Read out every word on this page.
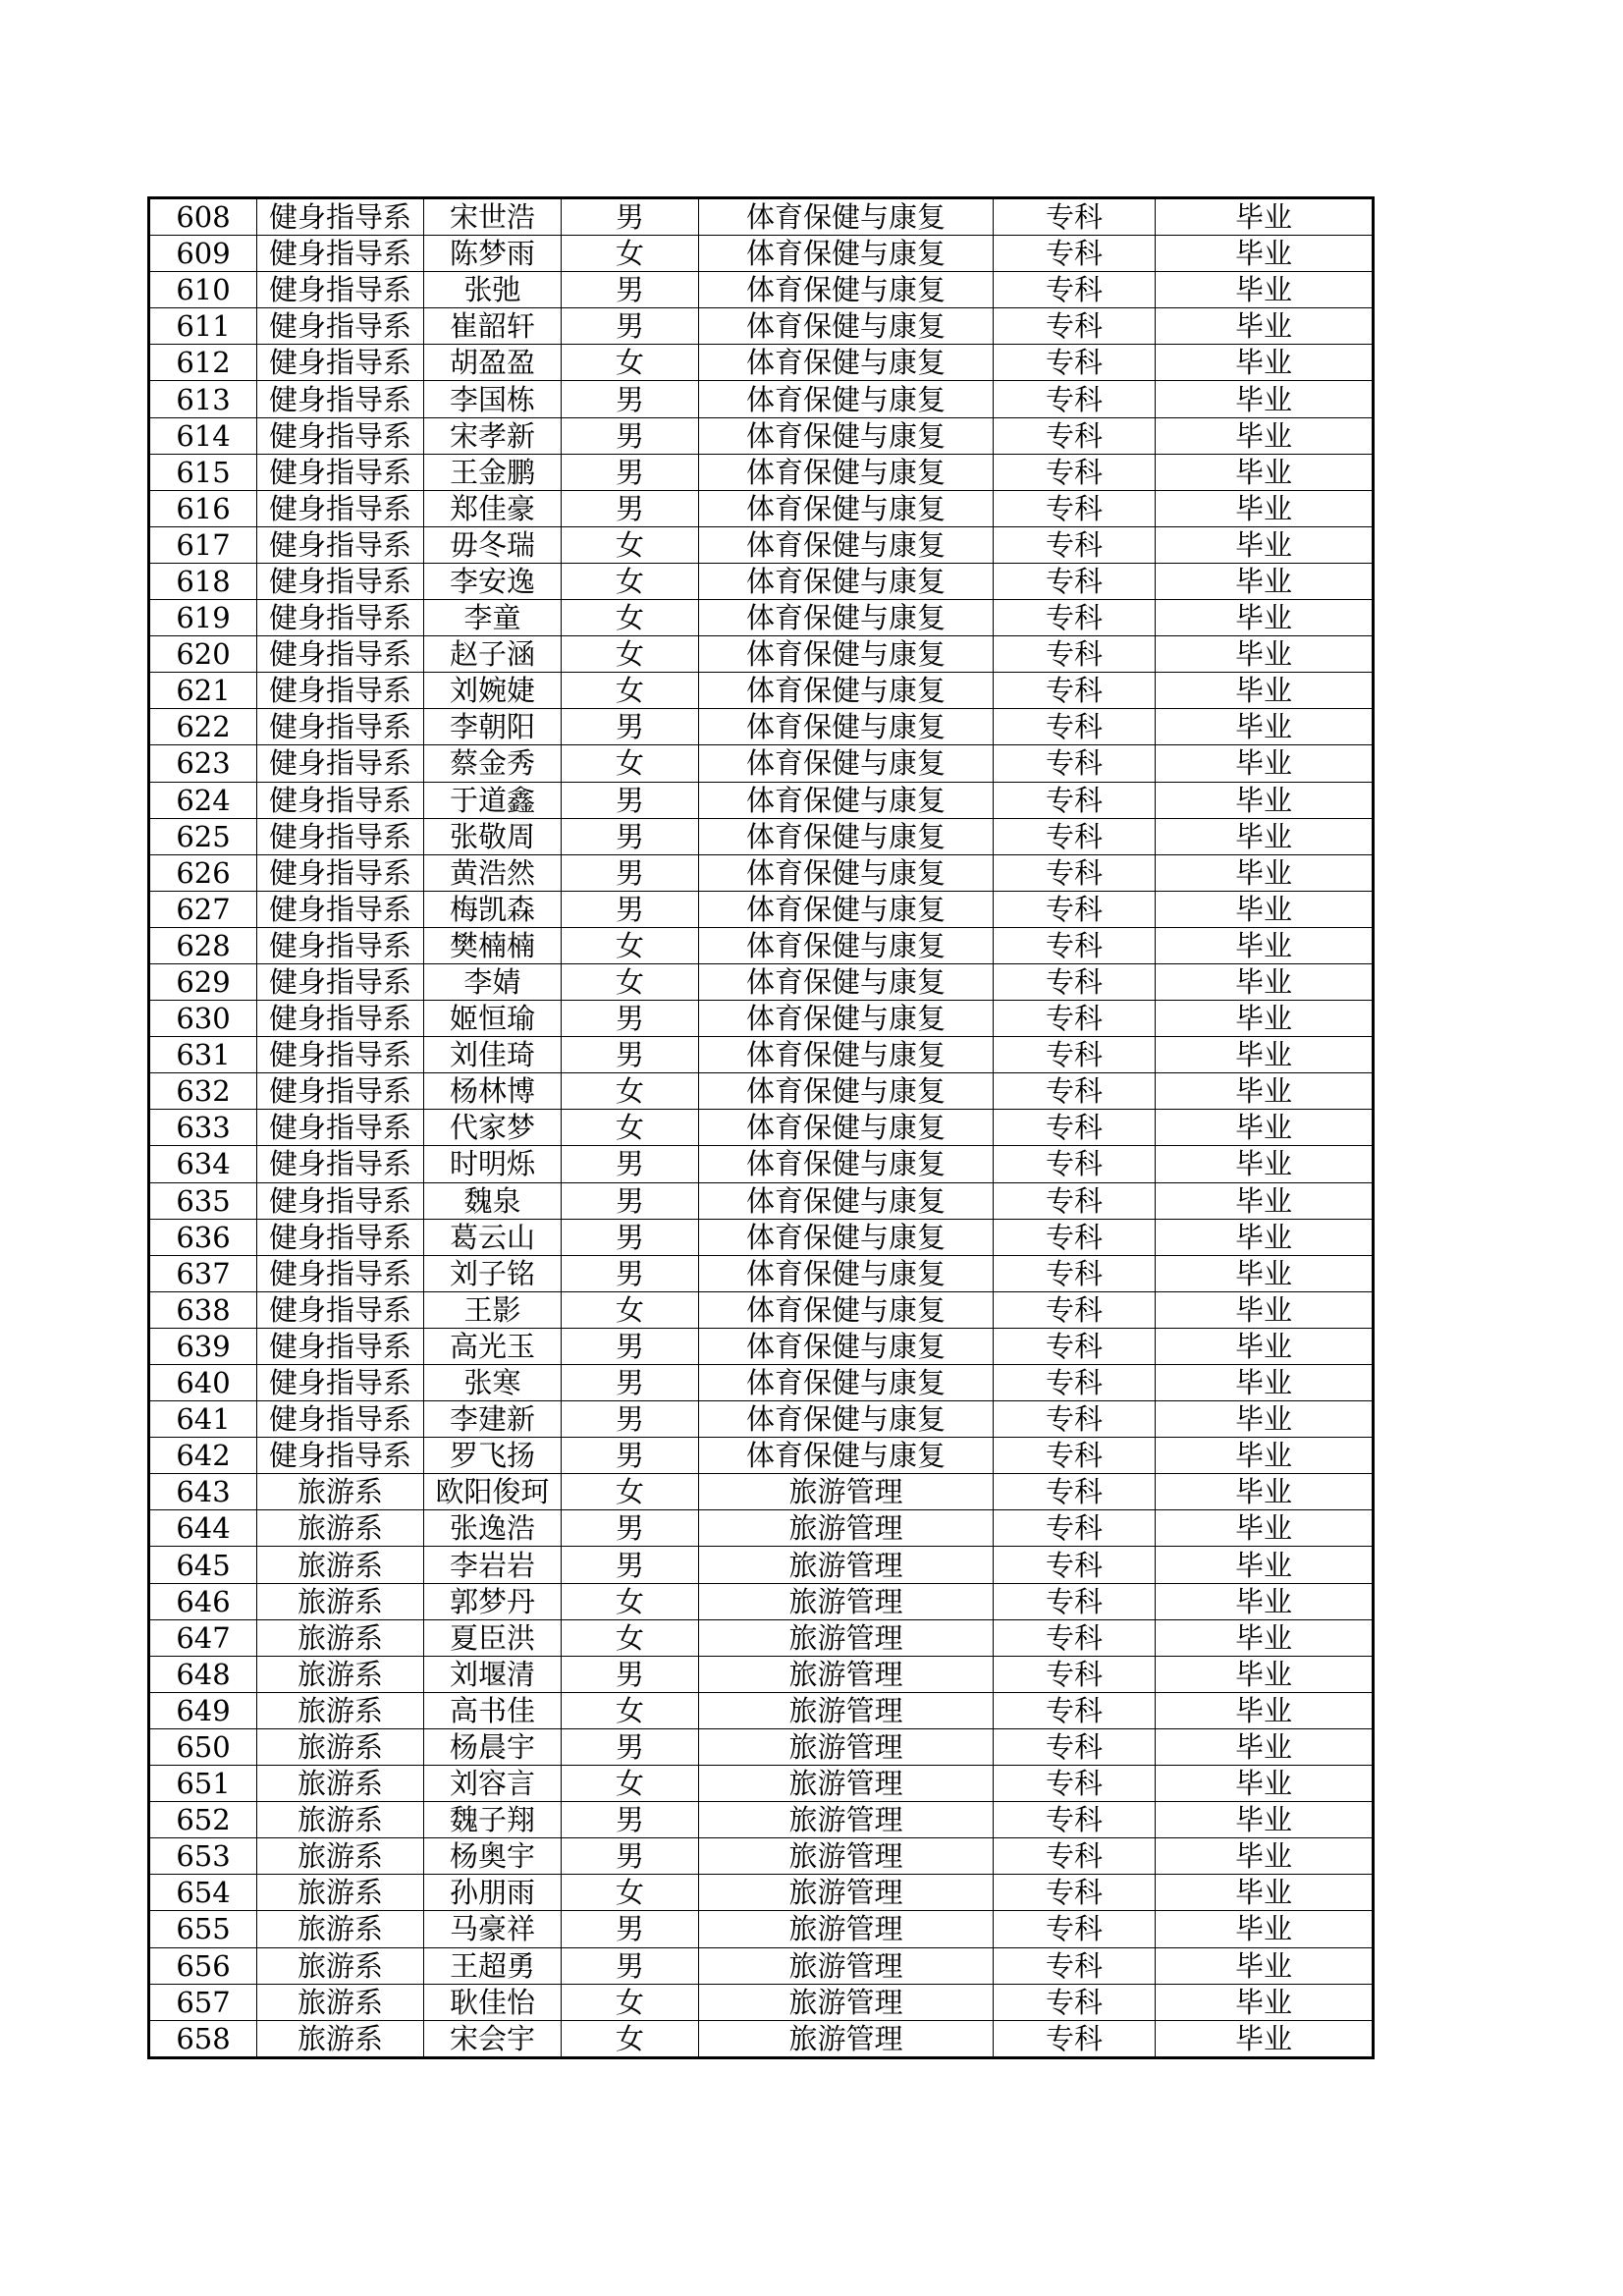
608	健身指导系	宋世浩	男	体育保健与康复	专科	毕业
609	健身指导系	陈梦雨	女	体育保健与康复	专科	毕业
610	健身指导系	张弛	男	体育保健与康复	专科	毕业
611	健身指导系	崔韶轩	男	体育保健与康复	专科	毕业
612	健身指导系	胡盈盈	女	体育保健与康复	专科	毕业
613	健身指导系	李国栋	男	体育保健与康复	专科	毕业
614	健身指导系	宋孝新	男	体育保健与康复	专科	毕业
615	健身指导系	王金鹏	男	体育保健与康复	专科	毕业
616	健身指导系	郑佳豪	男	体育保健与康复	专科	毕业
617	健身指导系	毋冬瑞	女	体育保健与康复	专科	毕业
618	健身指导系	李安逸	女	体育保健与康复	专科	毕业
619	健身指导系	李童	女	体育保健与康复	专科	毕业
620	健身指导系	赵子涵	女	体育保健与康复	专科	毕业
621	健身指导系	刘婉婕	女	体育保健与康复	专科	毕业
622	健身指导系	李朝阳	男	体育保健与康复	专科	毕业
623	健身指导系	蔡金秀	女	体育保健与康复	专科	毕业
624	健身指导系	于道鑫	男	体育保健与康复	专科	毕业
625	健身指导系	张敬周	男	体育保健与康复	专科	毕业
626	健身指导系	黄浩然	男	体育保健与康复	专科	毕业
627	健身指导系	梅凯森	男	体育保健与康复	专科	毕业
628	健身指导系	樊楠楠	女	体育保健与康复	专科	毕业
629	健身指导系	李婧	女	体育保健与康复	专科	毕业
630	健身指导系	姬恒瑜	男	体育保健与康复	专科	毕业
631	健身指导系	刘佳琦	男	体育保健与康复	专科	毕业
632	健身指导系	杨林博	女	体育保健与康复	专科	毕业
633	健身指导系	代家梦	女	体育保健与康复	专科	毕业
634	健身指导系	时明烁	男	体育保健与康复	专科	毕业
635	健身指导系	魏泉	男	体育保健与康复	专科	毕业
636	健身指导系	葛云山	男	体育保健与康复	专科	毕业
637	健身指导系	刘子铭	男	体育保健与康复	专科	毕业
638	健身指导系	王影	女	体育保健与康复	专科	毕业
639	健身指导系	高光玉	男	体育保健与康复	专科	毕业
640	健身指导系	张寒	男	体育保健与康复	专科	毕业
641	健身指导系	李建新	男	体育保健与康复	专科	毕业
642	健身指导系	罗飞扬	男	体育保健与康复	专科	毕业
643	旅游系	欧阳俊珂	女	旅游管理	专科	毕业
644	旅游系	张逸浩	男	旅游管理	专科	毕业
645	旅游系	李岩岩	男	旅游管理	专科	毕业
646	旅游系	郭梦丹	女	旅游管理	专科	毕业
647	旅游系	夏臣洪	女	旅游管理	专科	毕业
648	旅游系	刘堰清	男	旅游管理	专科	毕业
649	旅游系	高书佳	女	旅游管理	专科	毕业
650	旅游系	杨晨宇	男	旅游管理	专科	毕业
651	旅游系	刘容言	女	旅游管理	专科	毕业
652	旅游系	魏子翔	男	旅游管理	专科	毕业
653	旅游系	杨奥宇	男	旅游管理	专科	毕业
654	旅游系	孙朋雨	女	旅游管理	专科	毕业
655	旅游系	马豪祥	男	旅游管理	专科	毕业
656	旅游系	王超勇	男	旅游管理	专科	毕业
657	旅游系	耿佳怡	女	旅游管理	专科	毕业
658	旅游系	宋会宇	女	旅游管理	专科	毕业
